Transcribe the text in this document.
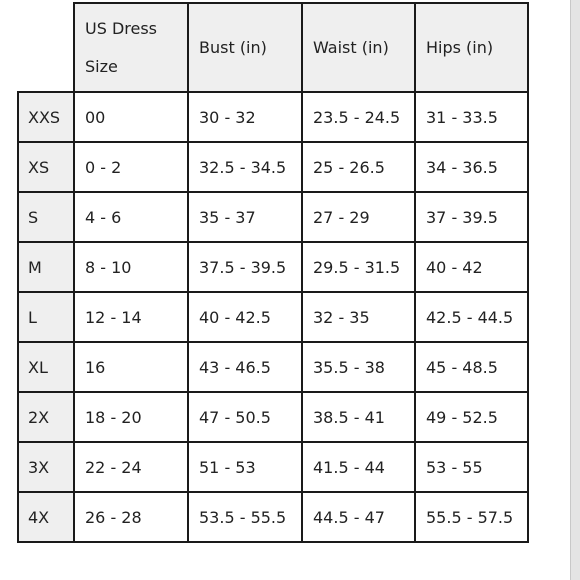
	US Dress Size	Bust (in)	Waist (in)	Hips (in)
XXS	00	30 - 32	23.5 - 24.5	31 - 33.5
XS	0 - 2	32.5 - 34.5	25 - 26.5	34 - 36.5
S	4 - 6	35 - 37	27 - 29	37 - 39.5
M	8 - 10	37.5 - 39.5	29.5 - 31.5	40 - 42
L	12 - 14	40 - 42.5	32 - 35	42.5 - 44.5
XL	16	43 - 46.5	35.5 - 38	45 - 48.5
2X	18 - 20	47 - 50.5	38.5 - 41	49 - 52.5
3X	22 - 24	51 - 53	41.5 - 44	53 - 55
4X	26 - 28	53.5 - 55.5	44.5 - 47	55.5 - 57.5
